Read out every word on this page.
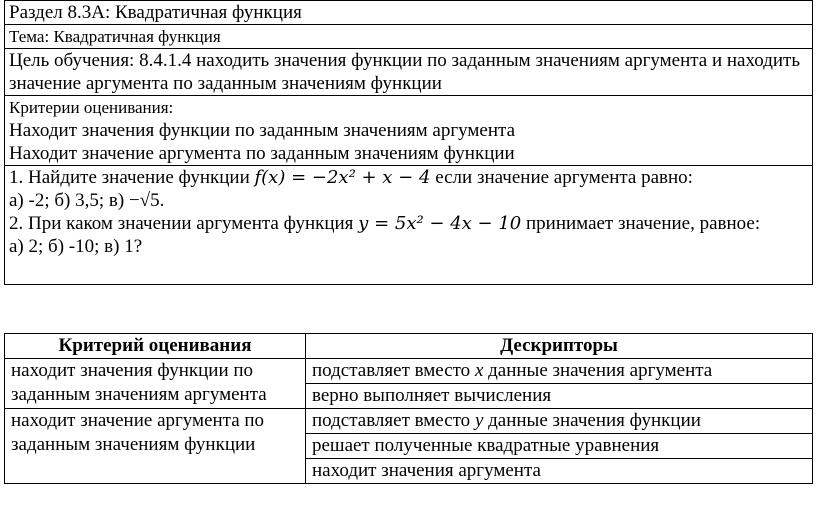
Раздел 8.3А: Квадратичная функция
Тема: Квадратичная функция
Цель обучения: 8.4.1.4 находить значения функции по заданным значениям аргумента и находить значение аргумента по заданным значениям функции

Критерии оценивания:
Находит значения функции по заданным значениям аргумента
Находит значение аргумента по заданным значениям функции

1. Найдите значение функции f(x) = −2x² + x − 4 если значение аргумента равно:
а) -2; б) 3,5; в) −√5.
2. При каком значении аргумента функция y = 5x² − 4x − 10 принимает значение, равное:
а) 2; б) -10; в) 1?
Критерий оценивания	Дескрипторы
находит значения функции по заданным значениям аргумента	подставляет вместо x данные значения аргумента
	верно выполняет вычисления
находит значение аргумента по заданным значениям функции	подставляет вместо y данные значения функции
	решает полученные квадратные уравнения
	находит значения аргумента
